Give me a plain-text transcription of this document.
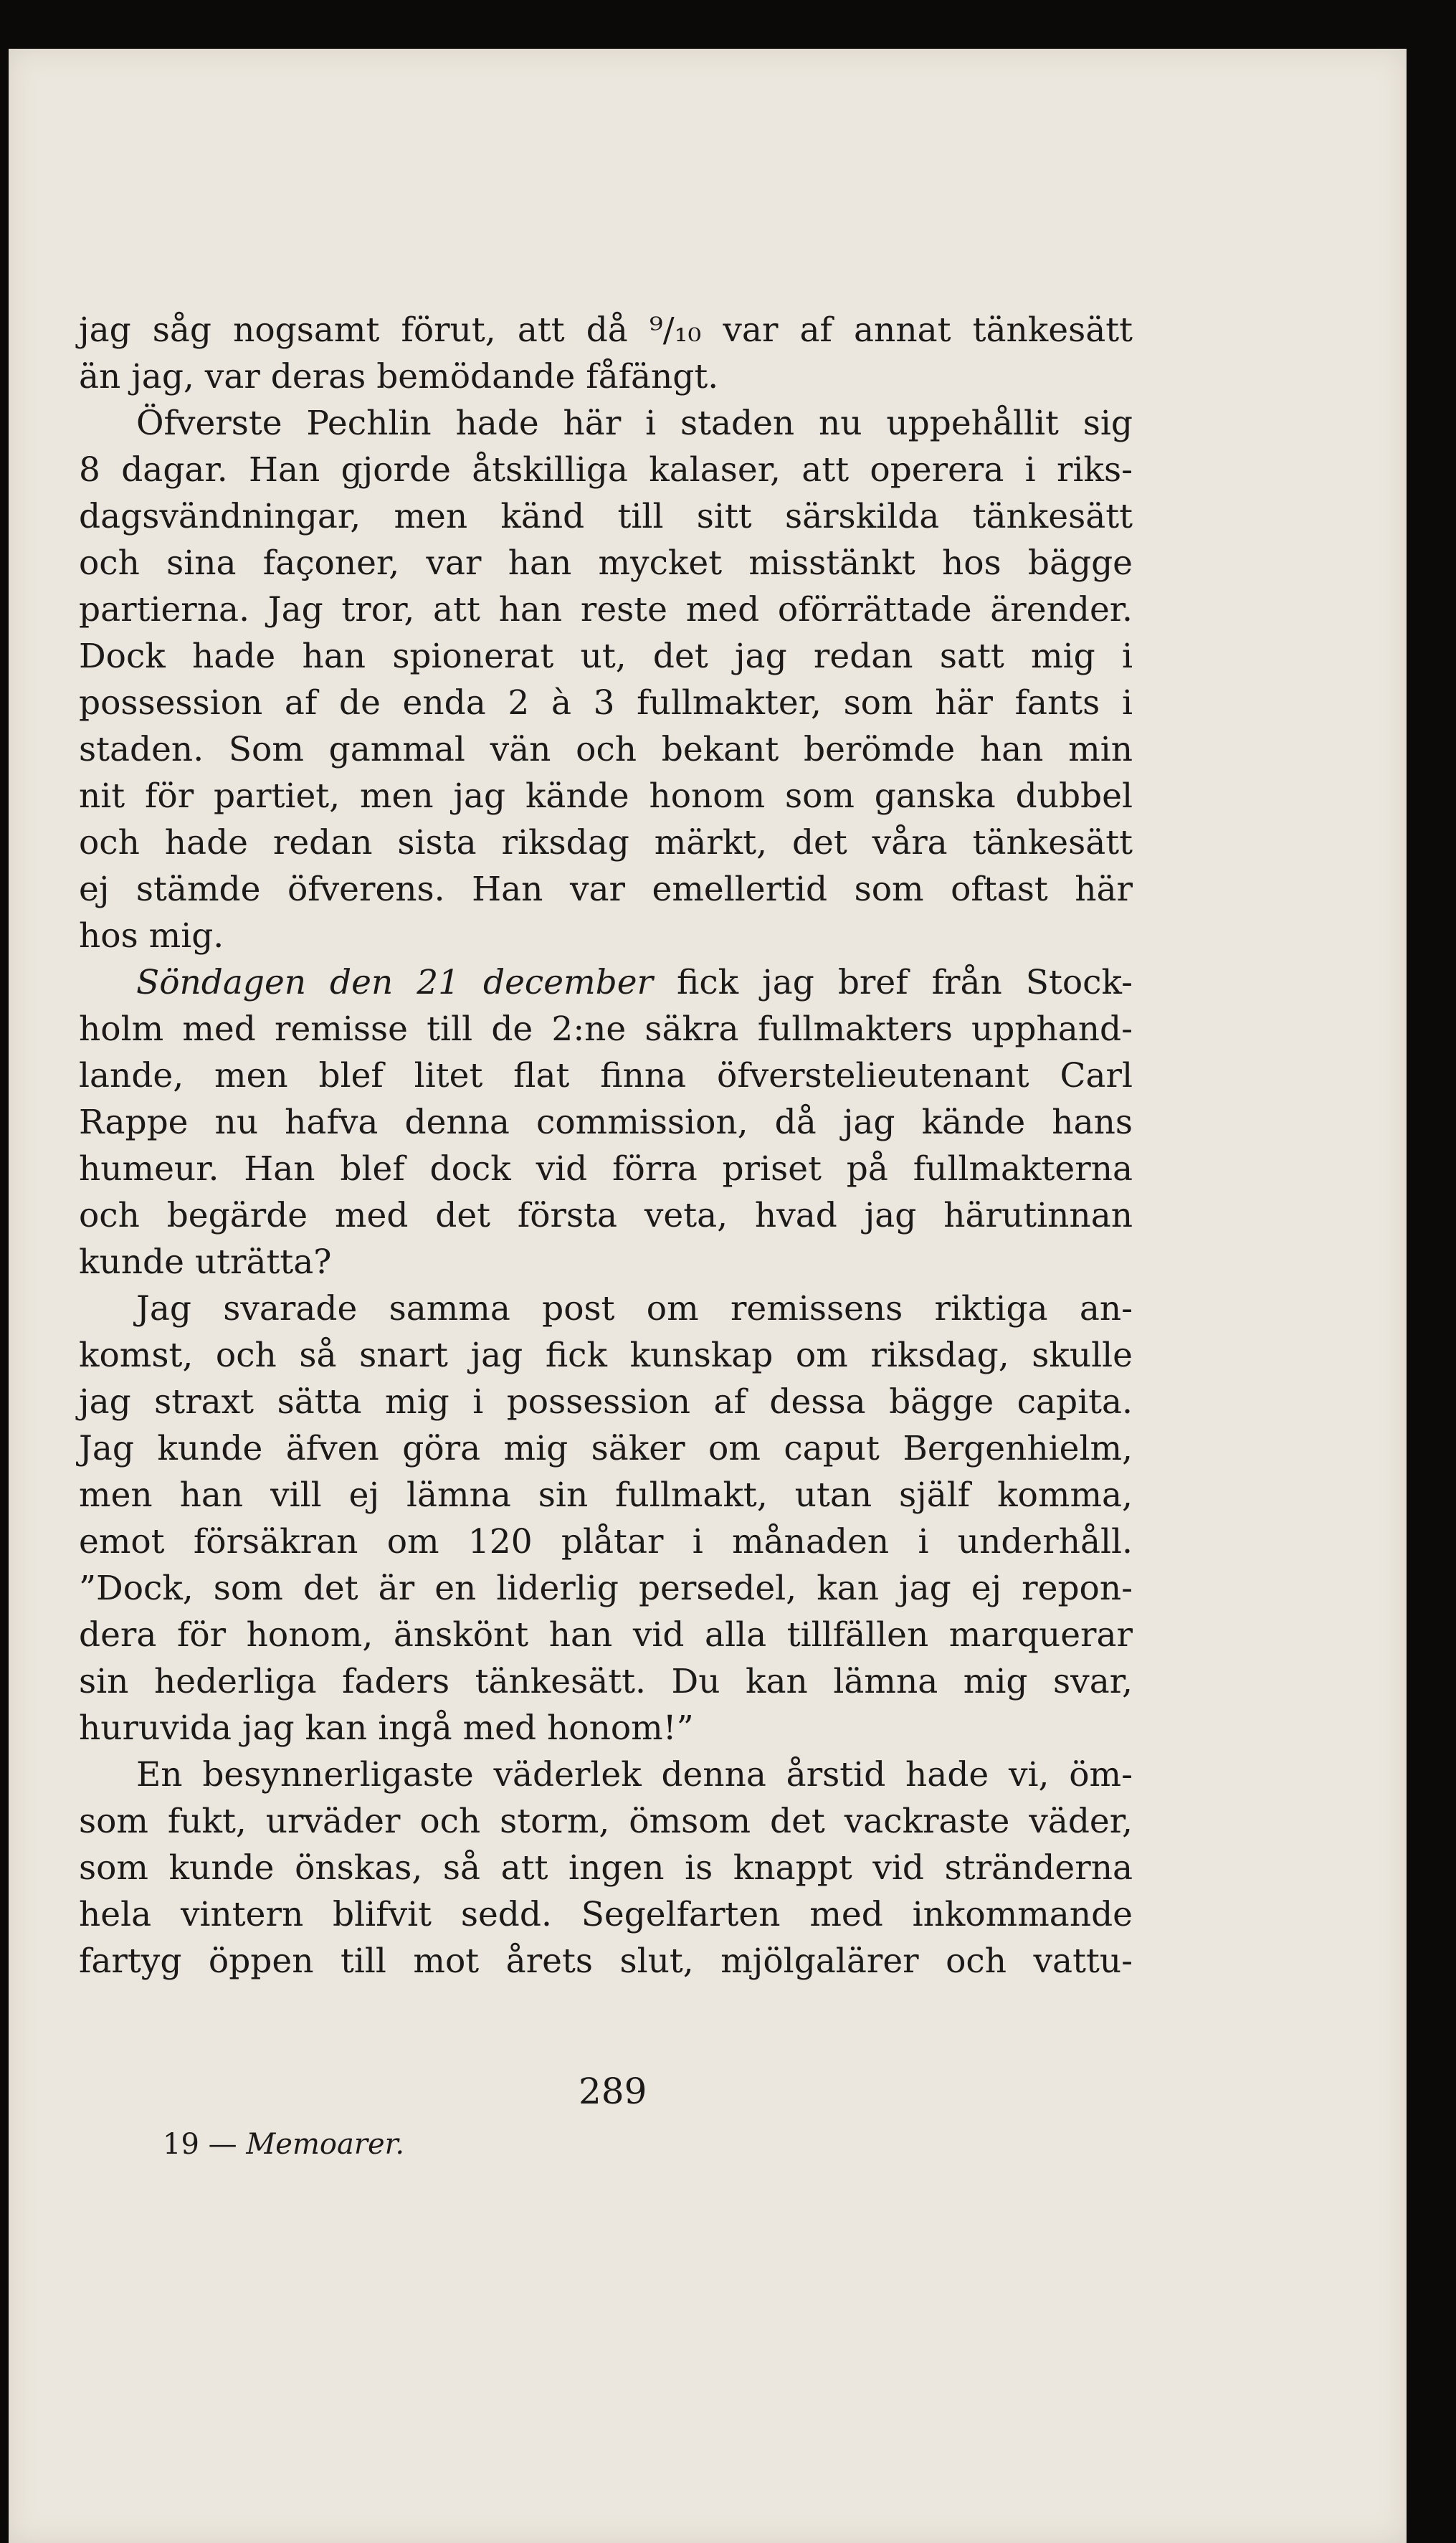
jag såg nogsamt förut, att då ⁹/₁₀ var af annat tänkesätt
än jag, var deras bemödande fåfängt.
Öfverste Pechlin hade här i staden nu uppehållit sig
8 dagar. Han gjorde åtskilliga kalaser, att operera i riks-
dagsvändningar, men känd till sitt särskilda tänkesätt
och sina façoner, var han mycket misstänkt hos bägge
partierna. Jag tror, att han reste med oförrättade ärender.
Dock hade han spionerat ut, det jag redan satt mig i
possession af de enda 2 à 3 fullmakter, som här fants i
staden. Som gammal vän och bekant berömde han min
nit för partiet, men jag kände honom som ganska dubbel
och hade redan sista riksdag märkt, det våra tänkesätt
ej stämde öfverens. Han var emellertid som oftast här
hos mig.
Söndagen den 21 december fick jag bref från Stock-
holm med remisse till de 2:ne säkra fullmakters upphand-
lande, men blef litet flat finna öfverstelieutenant Carl
Rappe nu hafva denna commission, då jag kände hans
humeur. Han blef dock vid förra priset på fullmakterna
och begärde med det första veta, hvad jag härutinnan
kunde uträtta?
Jag svarade samma post om remissens riktiga an-
komst, och så snart jag fick kunskap om riksdag, skulle
jag straxt sätta mig i possession af dessa bägge capita.
Jag kunde äfven göra mig säker om caput Bergenhielm,
men han vill ej lämna sin fullmakt, utan själf komma,
emot försäkran om 120 plåtar i månaden i underhåll.
”Dock, som det är en liderlig persedel, kan jag ej repon-
dera för honom, änskönt han vid alla tillfällen marquerar
sin hederliga faders tänkesätt. Du kan lämna mig svar,
huruvida jag kan ingå med honom!”
En besynnerligaste väderlek denna årstid hade vi, öm-
som fukt, urväder och storm, ömsom det vackraste väder,
som kunde önskas, så att ingen is knappt vid stränderna
hela vintern blifvit sedd. Segelfarten med inkommande
fartyg öppen till mot årets slut, mjölgalärer och vattu-
289
19 — Memoarer.
